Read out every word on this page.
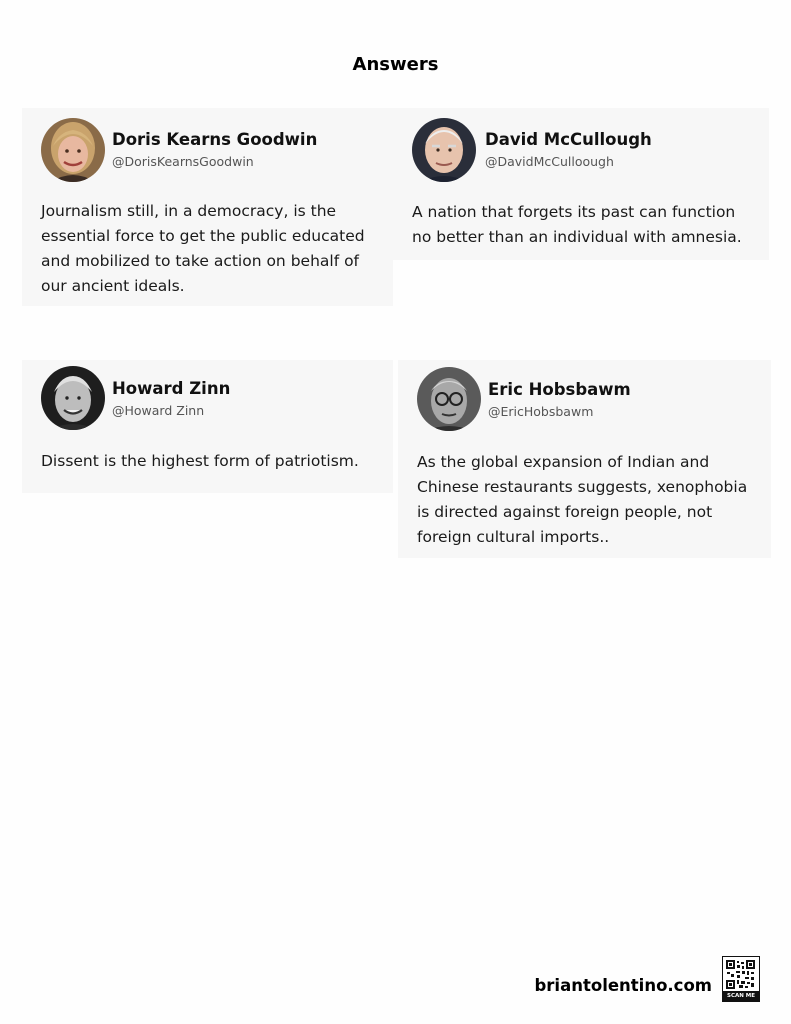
Answers
Doris Kearns Goodwin
@DorisKearnsGoodwin
Journalism still, in a democracy, is the
essential force to get the public educated
and mobilized to take action on behalf of
our ancient ideals.
David McCullough
@DavidMcCulloough
A nation that forgets its past can function
no better than an individual with amnesia.
Howard Zinn
@Howard Zinn
Dissent is the highest form of patriotism.
Eric Hobsbawm
@EricHobsbawm
As the global expansion of Indian and
Chinese restaurants suggests, xenophobia
is directed against foreign people, not
foreign cultural imports..
briantolentino.com
SCAN ME
